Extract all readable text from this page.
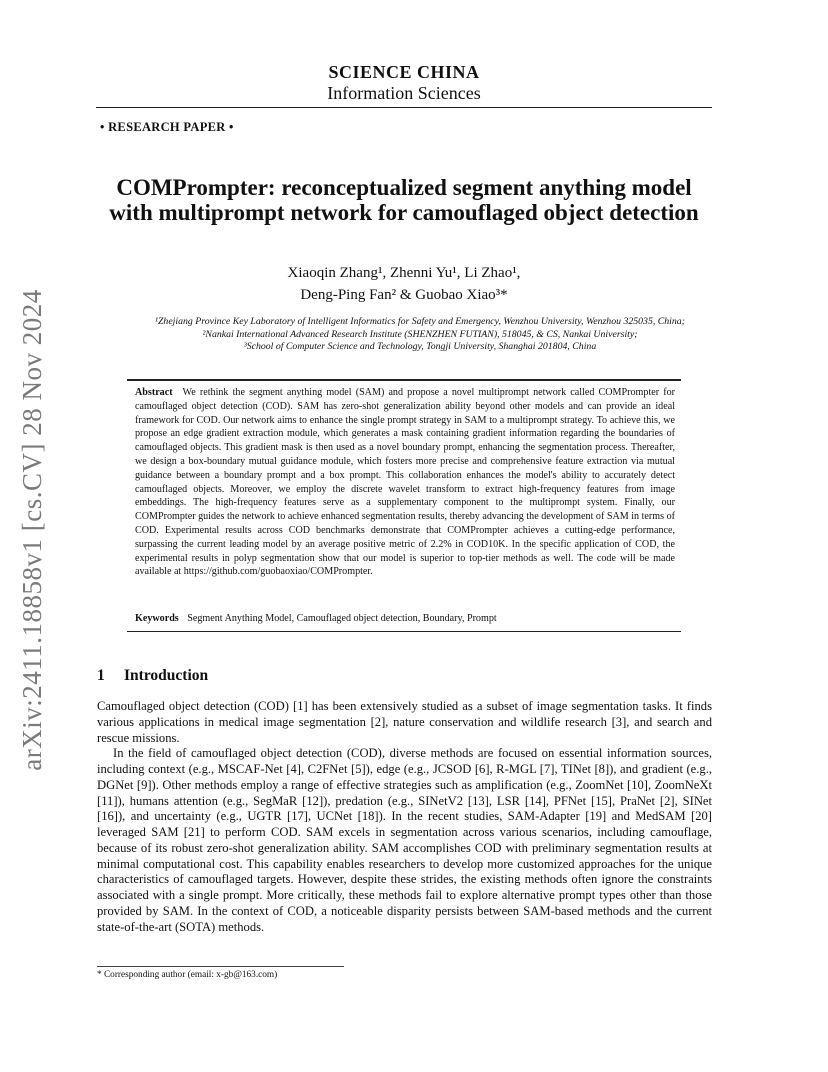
arXiv:2411.18858v1 [cs.CV] 28 Nov 2024
SCIENCE CHINA
Information Sciences
• RESEARCH PAPER •
COMPrompter: reconceptualized segment anything model with multiprompt network for camouflaged object detection
Xiaoqin Zhang¹, Zhenni Yu¹, Li Zhao¹,
Deng-Ping Fan² & Guobao Xiao³*
¹Zhejiang Province Key Laboratory of Intelligent Informatics for Safety and Emergency, Wenzhou University, Wenzhou 325035, China;
²Nankai International Advanced Research Institute (SHENZHEN FUTIAN), 518045, & CS, Nankai University;
³School of Computer Science and Technology, Tongji University, Shanghai 201804, China
Abstract We rethink the segment anything model (SAM) and propose a novel multiprompt network called COMPrompter for camouflaged object detection (COD). SAM has zero-shot generalization ability beyond other models and can provide an ideal framework for COD. Our network aims to enhance the single prompt strategy in SAM to a multiprompt strategy. To achieve this, we propose an edge gradient extraction module, which generates a mask containing gradient information regarding the boundaries of camouflaged objects. This gradient mask is then used as a novel boundary prompt, enhancing the segmentation process. Thereafter, we design a box-boundary mutual guidance module, which fosters more precise and comprehensive feature extraction via mutual guidance between a boundary prompt and a box prompt. This collaboration enhances the model's ability to accurately detect camouflaged objects. Moreover, we employ the discrete wavelet transform to extract high-frequency features from image embeddings. The high-frequency features serve as a supplementary component to the multiprompt system. Finally, our COMPrompter guides the network to achieve enhanced segmentation results, thereby advancing the development of SAM in terms of COD. Experimental results across COD benchmarks demonstrate that COMPrompter achieves a cutting-edge performance, surpassing the current leading model by an average positive metric of 2.2% in COD10K. In the specific application of COD, the experimental results in polyp segmentation show that our model is superior to top-tier methods as well. The code will be made available at https://github.com/guobaoxiao/COMPrompter.
Keywords Segment Anything Model, Camouflaged object detection, Boundary, Prompt
1 Introduction

Camouflaged object detection (COD) [1] has been extensively studied as a subset of image segmentation tasks. It finds various applications in medical image segmentation [2], nature conservation and wildlife research [3], and search and rescue missions.

In the field of camouflaged object detection (COD), diverse methods are focused on essential information sources, including context (e.g., MSCAF-Net [4], C2FNet [5]), edge (e.g., JCSOD [6], R-MGL [7], TINet [8]), and gradient (e.g., DGNet [9]). Other methods employ a range of effective strategies such as amplification (e.g., ZoomNet [10], ZoomNeXt [11]), humans attention (e.g., SegMaR [12]), predation (e.g., SINetV2 [13], LSR [14], PFNet [15], PraNet [2], SINet [16]), and uncertainty (e.g., UGTR [17], UCNet [18]). In the recent studies, SAM-Adapter [19] and MedSAM [20] leveraged SAM [21] to perform COD. SAM excels in segmentation across various scenarios, including camouflage, because of its robust zero-shot generalization ability. SAM accomplishes COD with preliminary segmentation results at minimal computational cost. This capability enables researchers to develop more customized approaches for the unique characteristics of camouflaged targets. However, despite these strides, the existing methods often ignore the constraints associated with a single prompt. More critically, these methods fail to explore alternative prompt types other than those provided by SAM. In the context of COD, a noticeable disparity persists between SAM-based methods and the current state-of-the-art (SOTA) methods.

* Corresponding author (email: x-gb@163.com)
